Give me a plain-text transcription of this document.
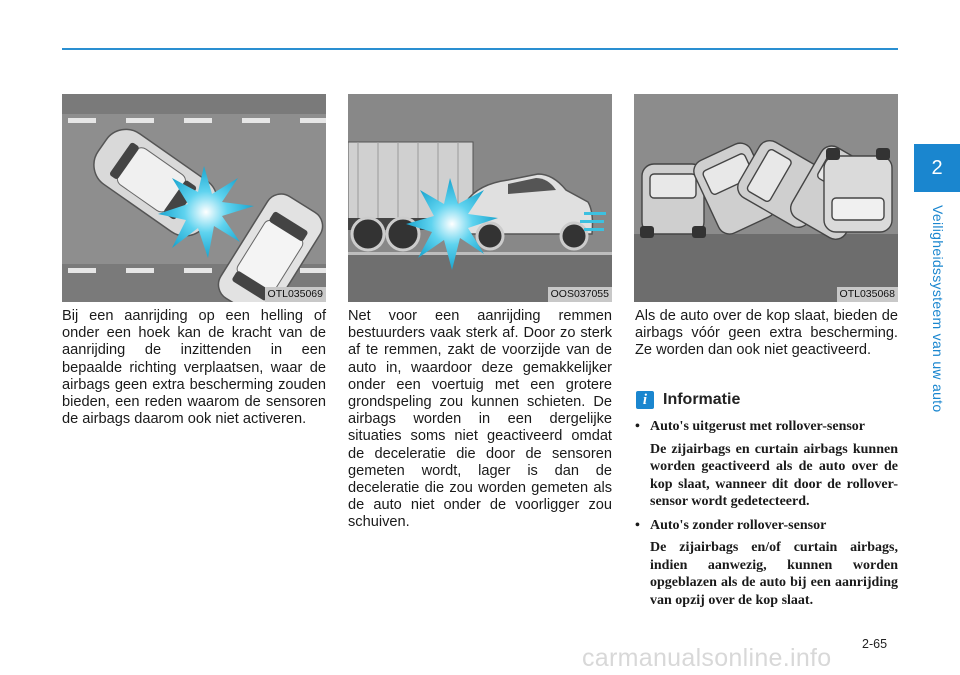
2
Veiligheidssysteem van uw auto
OTL035069	OOS037055	OTL035068

Bij een aanrijding op een helling of onder een hoek kan de kracht van de aanrijding de inzittenden in een bepaalde richting verplaatsen, waar de airbags geen extra bescherming zouden bieden, een reden waarom de sensoren de airbags daarom ook niet activeren.

Net voor een aanrijding remmen bestuurders vaak sterk af. Door zo sterk af te remmen, zakt de voorzijde van de auto in, waardoor deze gemakkelijker onder een voertuig met een grotere grondspeling zou kunnen schieten. De airbags worden in een dergelijke situaties soms niet geactiveerd omdat de deceleratie die door de sensoren gemeten wordt, lager is dan de deceleratie die zou worden gemeten als de auto niet onder de voorligger zou schuiven.

Als de auto over de kop slaat, bieden de airbags vóór geen extra bescherming. Ze worden dan ook niet geactiveerd.

i Informatie
• Auto's uitgerust met rollover-sensor

De zijairbags en curtain airbags kunnen worden geactiveerd als de auto over de kop slaat, wanneer dit door de rollover-sensor wordt gedetecteerd.

• Auto's zonder rollover-sensor

De zijairbags en/of curtain airbags, indien aanwezig, kunnen worden opgeblazen als de auto bij een aanrijding van opzij over de kop slaat.

2-65
carmanualsonline.info
